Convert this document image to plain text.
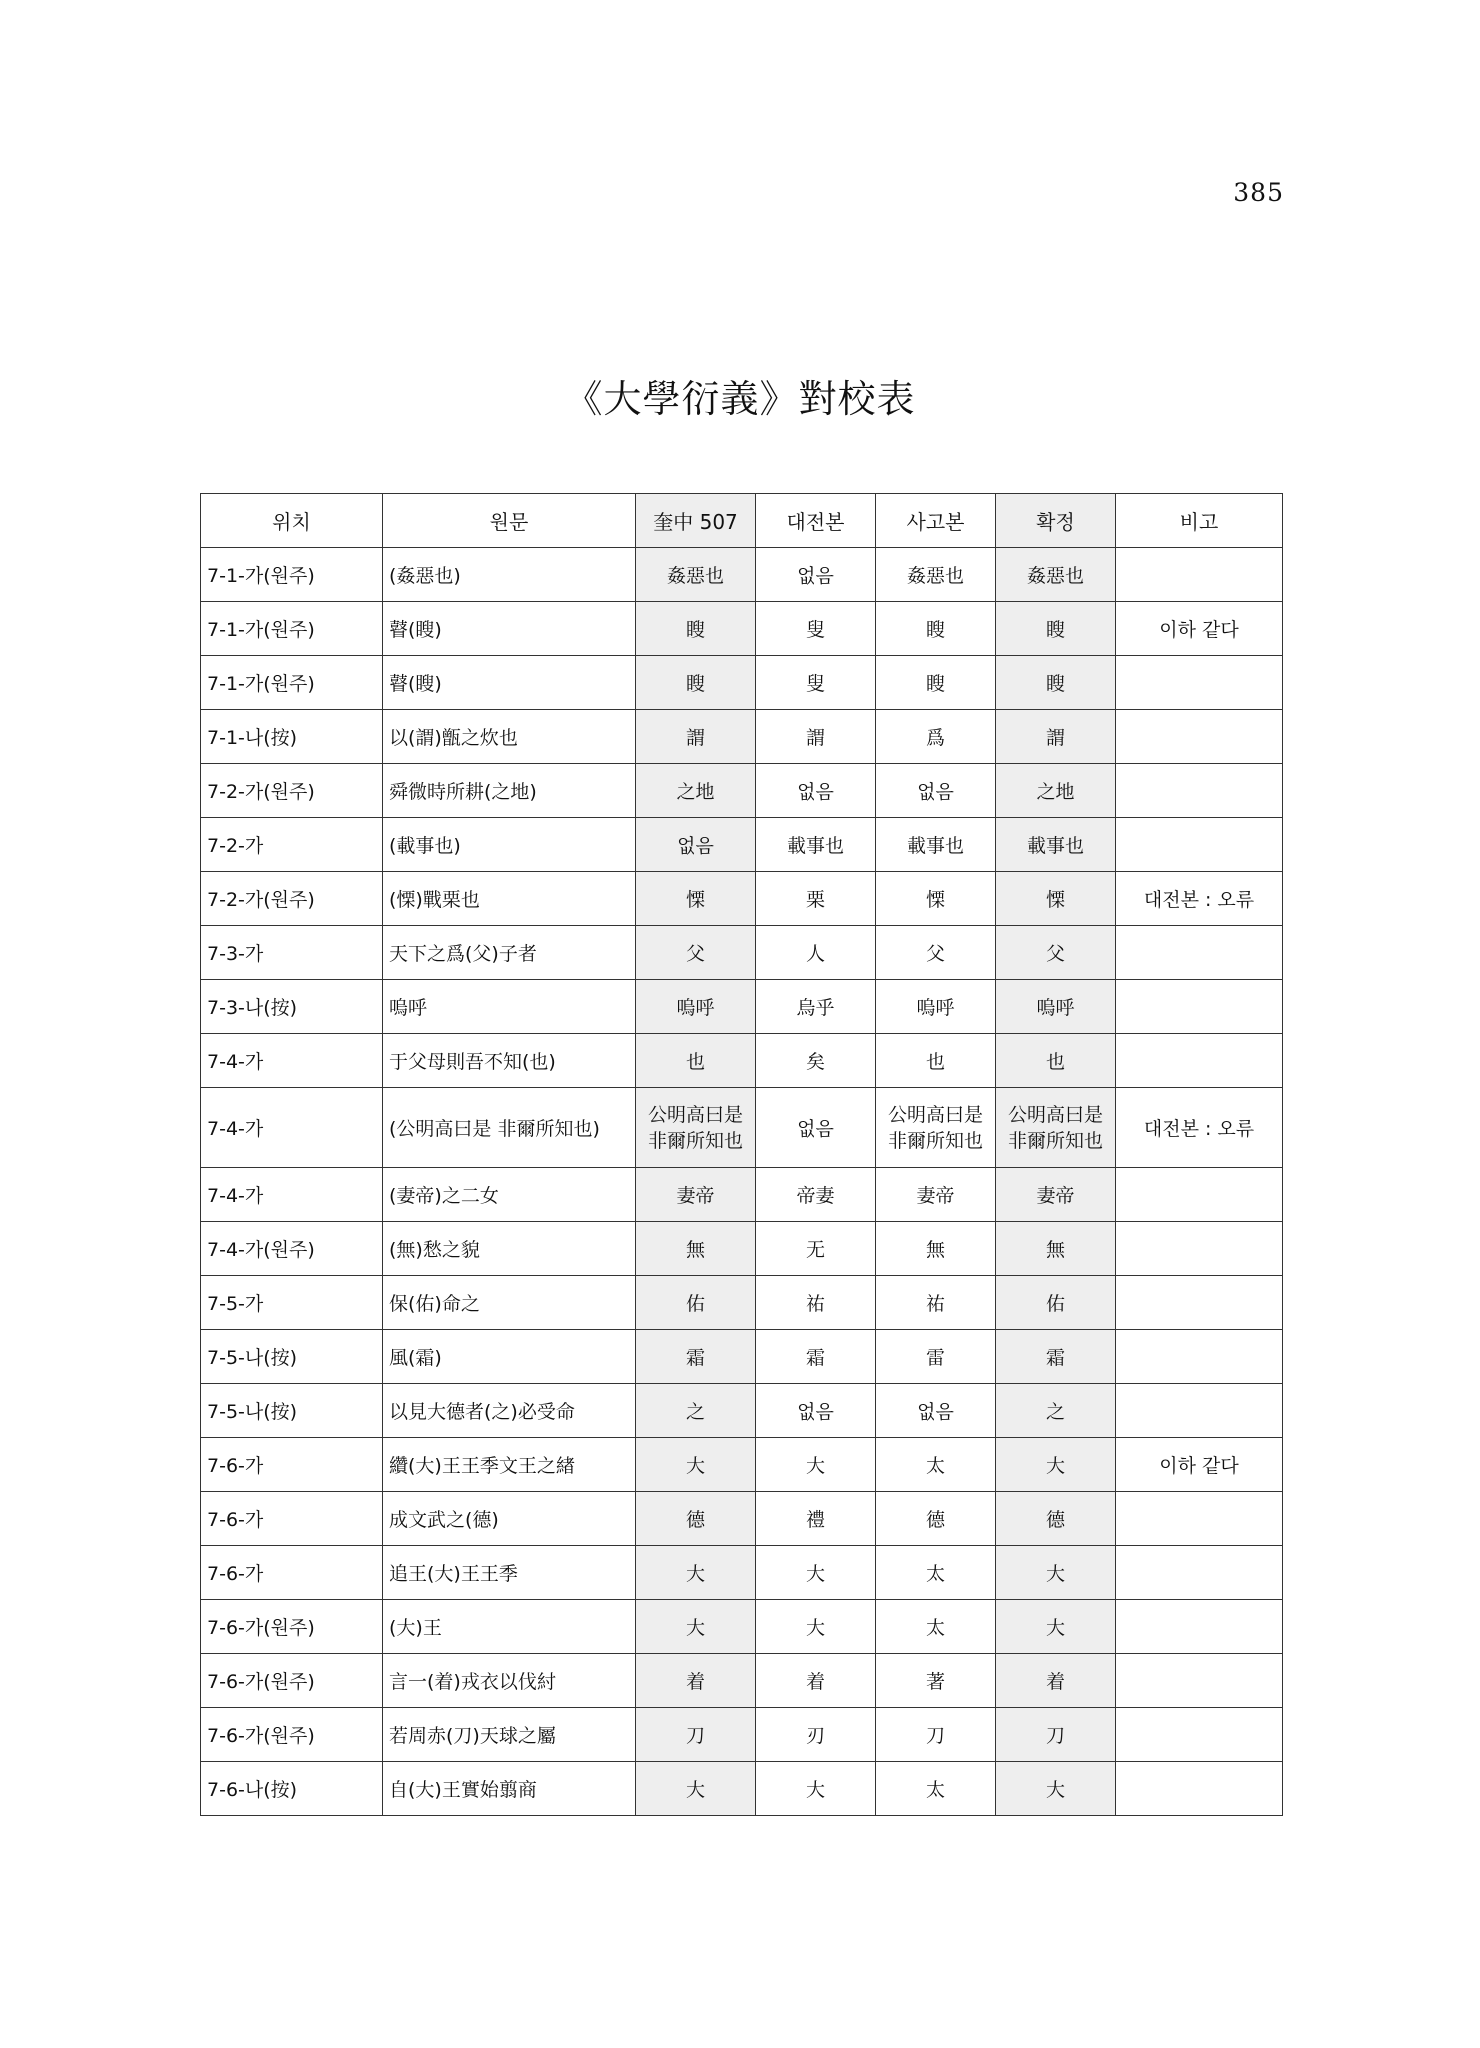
385
《大學衍義》對校表
위치	원문	奎中 507	대전본	사고본	확정	비고
7-1-가(원주)	(姦惡也)	姦惡也	없음	姦惡也	姦惡也	
7-1-가(원주)	瞽(瞍)	瞍	叟	瞍	瞍	이하 같다
7-1-가(원주)	瞽(瞍)	瞍	叟	瞍	瞍	
7-1-나(按)	以(謂)甑之炊也	謂	謂	爲	謂	
7-2-가(원주)	舜微時所耕(之地)	之地	없음	없음	之地	
7-2-가	(載事也)	없음	載事也	載事也	載事也	
7-2-가(원주)	(慄)戰栗也	慄	栗	慄	慄	대전본 : 오류
7-3-가	天下之爲(父)子者	父	人	父	父	
7-3-나(按)	嗚呼	嗚呼	烏乎	嗚呼	嗚呼	
7-4-가	于父母則吾不知(也)	也	矣	也	也	
7-4-가	(公明高曰是 非爾所知也)	公明高曰是 非爾所知也	없음	公明高曰是 非爾所知也	公明高曰是 非爾所知也	대전본 : 오류
7-4-가	(妻帝)之二女	妻帝	帝妻	妻帝	妻帝	
7-4-가(원주)	(無)愁之貌	無	无	無	無	
7-5-가	保(佑)命之	佑	祐	祐	佑	
7-5-나(按)	風(霜)	霜	霜	雷	霜	
7-5-나(按)	以見大德者(之)必受命	之	없음	없음	之	
7-6-가	纘(大)王王季文王之緖	大	大	太	大	이하 같다
7-6-가	成文武之(德)	德	禮	德	德	
7-6-가	追王(大)王王季	大	大	太	大	
7-6-가(원주)	(大)王	大	大	太	大	
7-6-가(원주)	言一(着)戎衣以伐紂	着	着	著	着	
7-6-가(원주)	若周赤(刀)天球之屬	刀	刃	刀	刀	
7-6-나(按)	自(大)王實始翦商	大	大	太	大	
